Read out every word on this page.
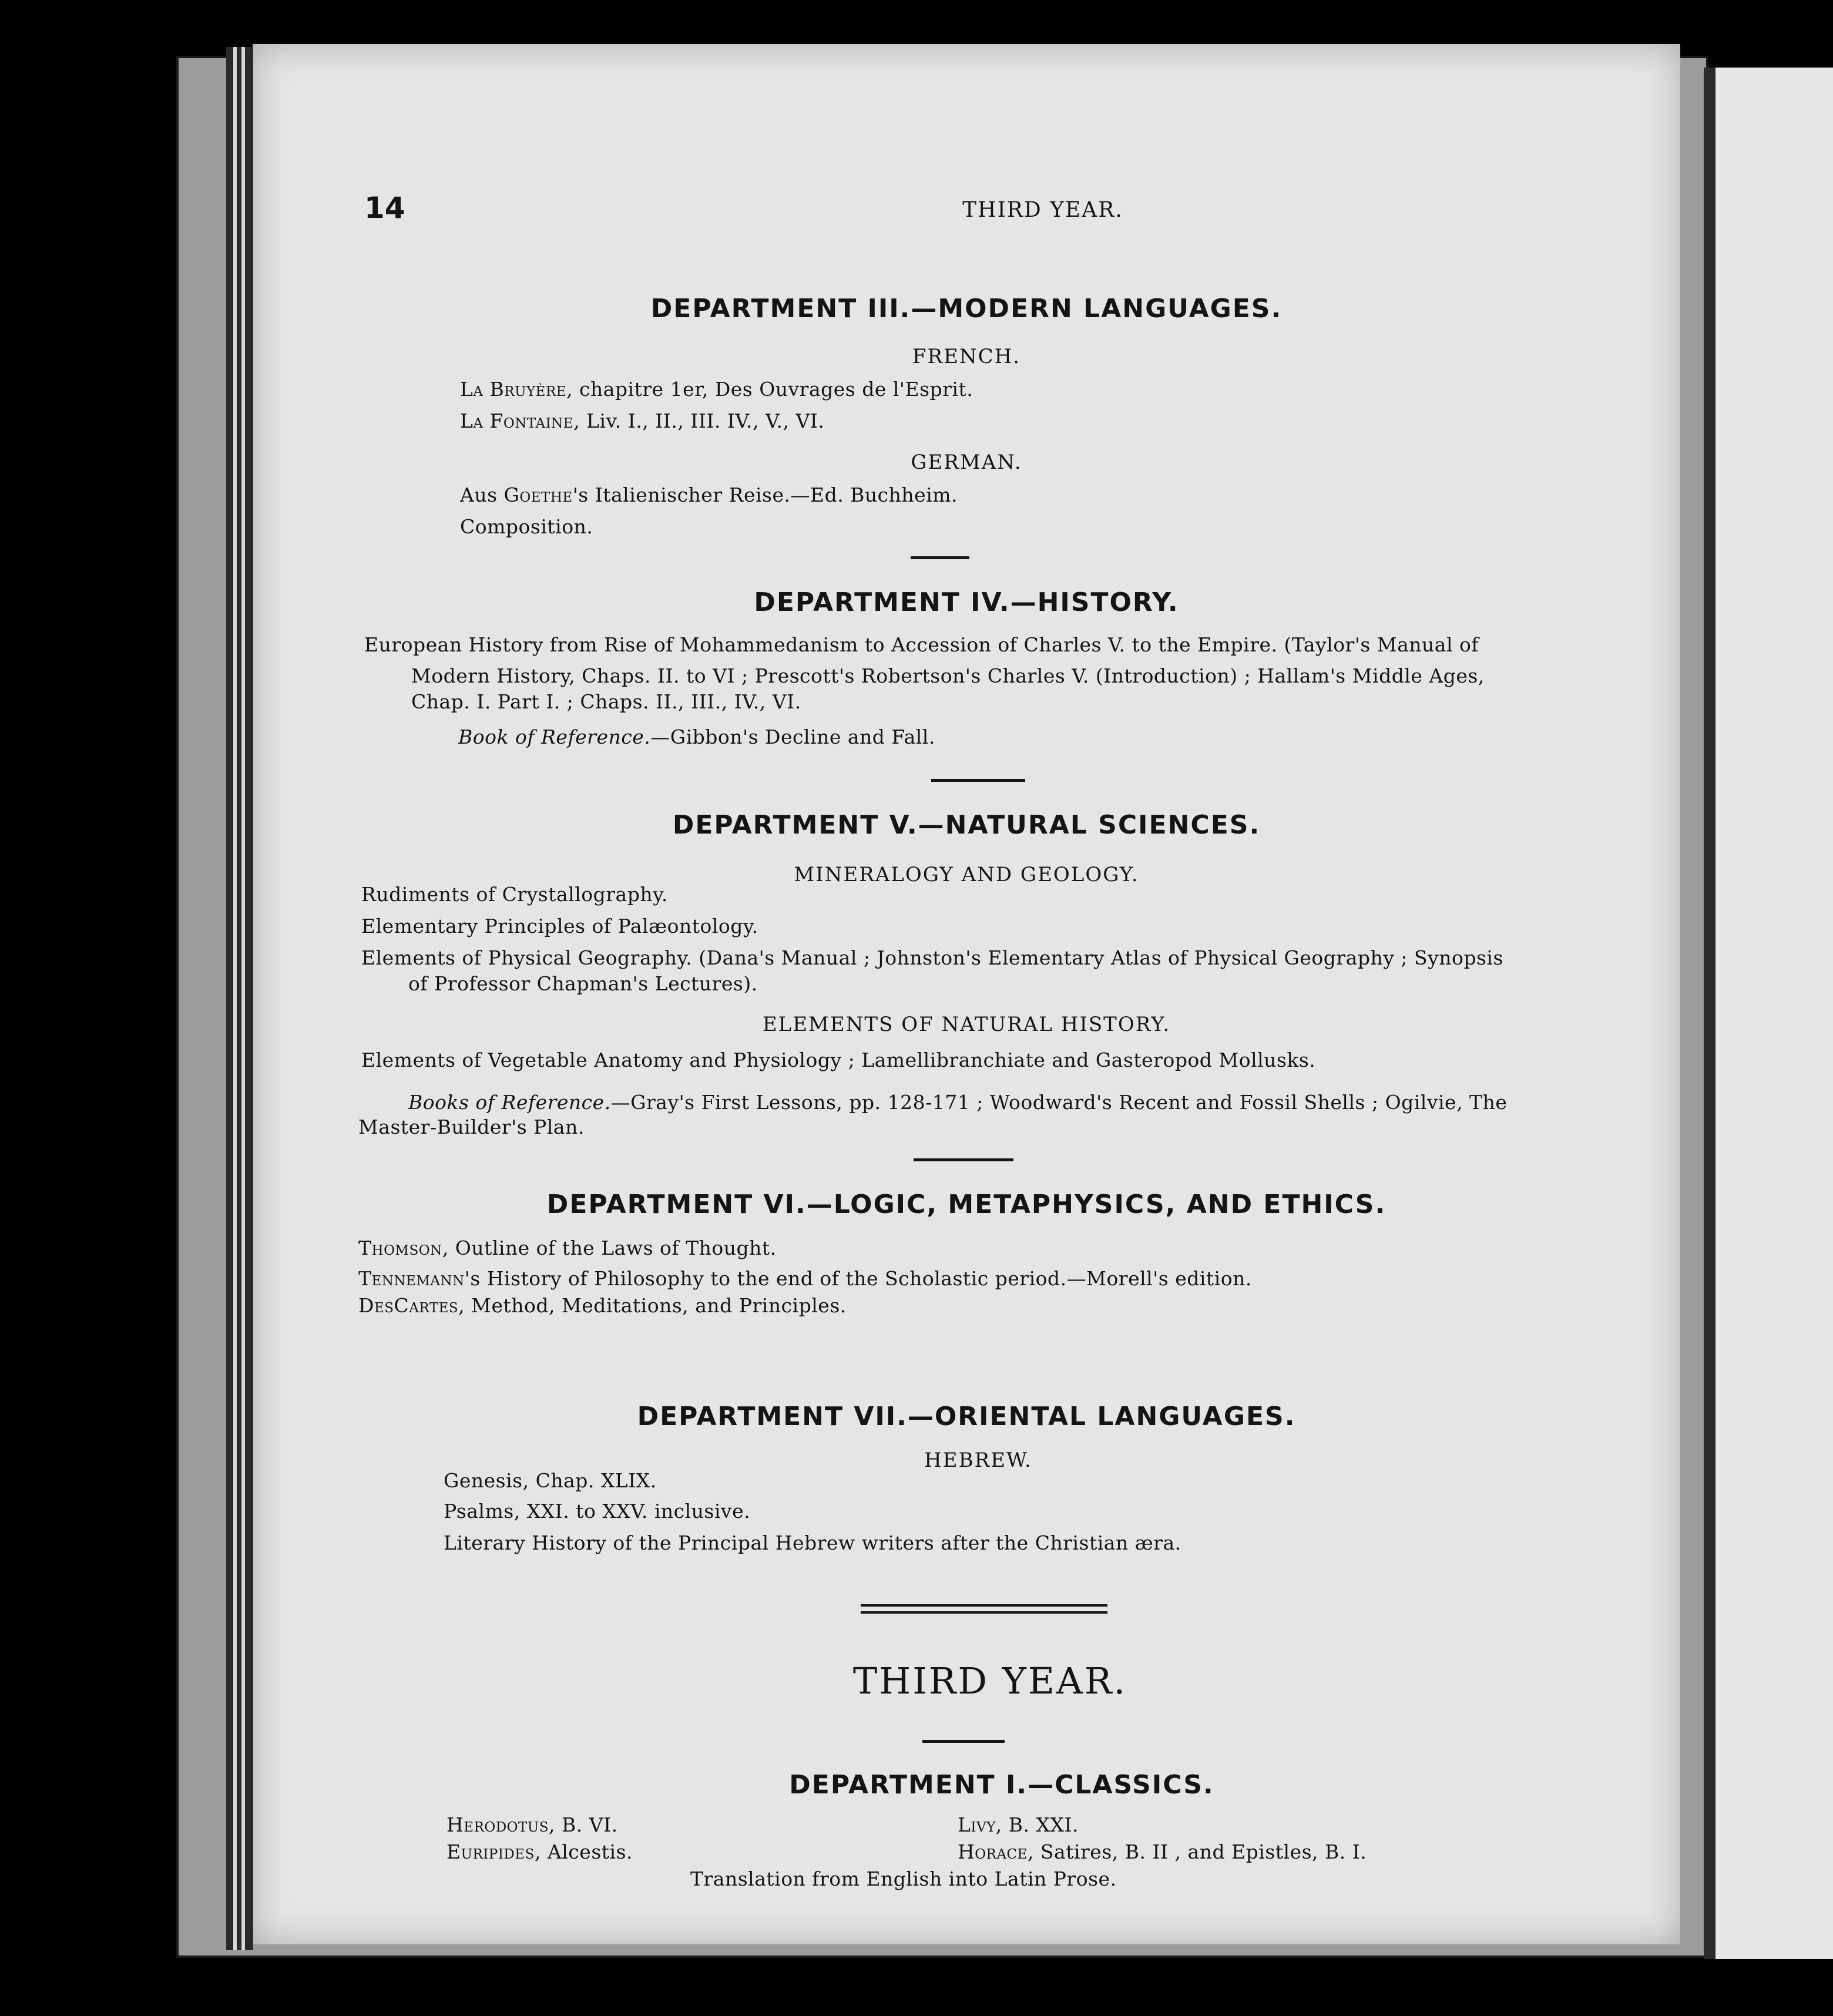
14	THIRD YEAR.
DEPARTMENT III.—MODERN LANGUAGES.
FRENCH.
La Bruyère, chapitre 1er, Des Ouvrages de l'Esprit.
La Fontaine, Liv. I., II., III. IV., V., VI.
GERMAN.
Aus Goethe's Italienischer Reise.—Ed. Buchheim.
Composition.
DEPARTMENT IV.—HISTORY.
European History from Rise of Mohammedanism to Accession of Charles V. to the Empire. (Taylor's Manual of
Modern History, Chaps. II. to VI ; Prescott's Robertson's Charles V. (Introduction) ; Hallam's Middle Ages,
Chap. I. Part I. ; Chaps. II., III., IV., VI.
Book of Reference.—Gibbon's Decline and Fall.
DEPARTMENT V.—NATURAL SCIENCES.
MINERALOGY AND GEOLOGY.
Rudiments of Crystallography.
Elementary Principles of Palæontology.
Elements of Physical Geography. (Dana's Manual ; Johnston's Elementary Atlas of Physical Geography ; Synopsis
of Professor Chapman's Lectures).
ELEMENTS OF NATURAL HISTORY.
Elements of Vegetable Anatomy and Physiology ; Lamellibranchiate and Gasteropod Mollusks.
Books of Reference.—Gray's First Lessons, pp. 128-171 ; Woodward's Recent and Fossil Shells ; Ogilvie, The
Master-Builder's Plan.
DEPARTMENT VI.—LOGIC, METAPHYSICS, AND ETHICS.
Thomson, Outline of the Laws of Thought.
Tennemann's History of Philosophy to the end of the Scholastic period.—Morell's edition.
DesCartes, Method, Meditations, and Principles.
DEPARTMENT VII.—ORIENTAL LANGUAGES.
HEBREW.
Genesis, Chap. XLIX.
Psalms, XXI. to XXV. inclusive.
Literary History of the Principal Hebrew writers after the Christian æra.
THIRD YEAR.
DEPARTMENT I.—CLASSICS.
Herodotus, B. VI.
Euripides, Alcestis.
Livy, B. XXI.
Horace, Satires, B. II , and Epistles, B. I.
Translation from English into Latin Prose.
